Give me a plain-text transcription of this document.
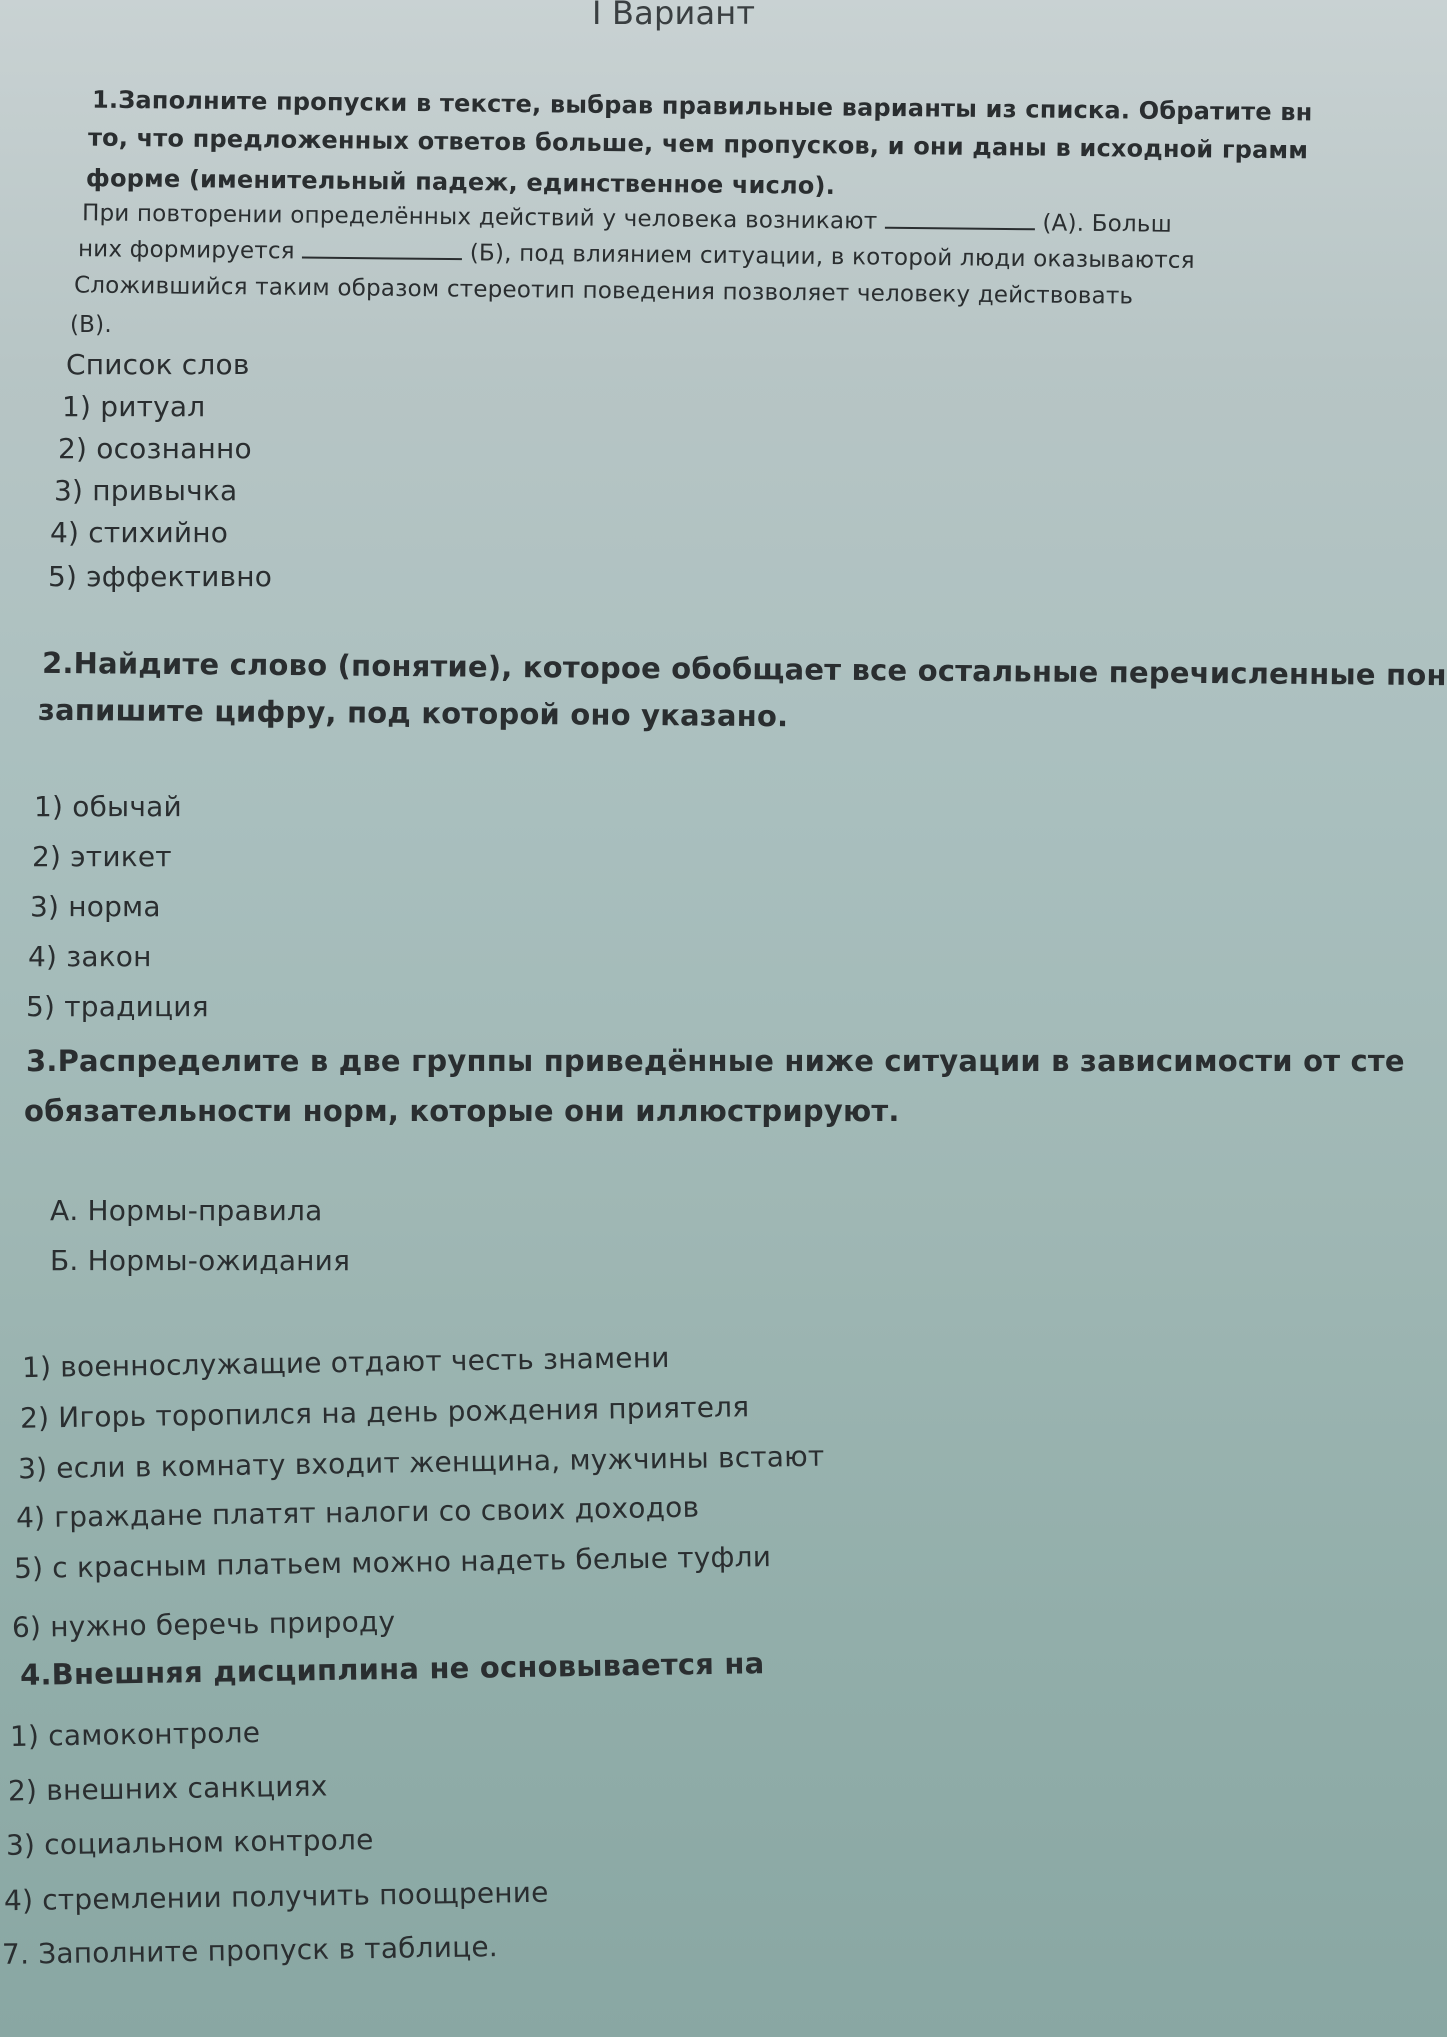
I Вариант
1.Заполните пропуски в тексте, выбрав правильные варианты из списка. Обратите вн
то, что предложенных ответов больше, чем пропусков, и они даны в исходной грамм
форме (именительный падеж, единственное число).
При повторении определённых действий у человека возникают	(А). Больш
них формируется	(Б), под влиянием ситуации, в которой люди оказываются
Сложившийся таким образом стереотип поведения позволяет человеку действовать
(В).
Список слов
1) ритуал
2) осознанно
3) привычка
4) стихийно
5) эффективно
2.Найдите слово (понятие), которое обобщает все остальные перечисленные пон
запишите цифру, под которой оно указано.
1) обычай
2) этикет
3) норма
4) закон
5) традиция
3.Распределите в две группы приведённые ниже ситуации в зависимости от сте
обязательности норм, которые они иллюстрируют.
А. Нормы-правила
Б. Нормы-ожидания
1) военнослужащие отдают честь знамени
2) Игорь торопился на день рождения приятеля
3) если в комнату входит женщина, мужчины встают
4) граждане платят налоги со своих доходов
5) с красным платьем можно надеть белые туфли
6) нужно беречь природу
4.Внешняя дисциплина не основывается на
1) самоконтроле
2) внешних санкциях
3) социальном контроле
4) стремлении получить поощрение
7. Заполните пропуск в таблице.
